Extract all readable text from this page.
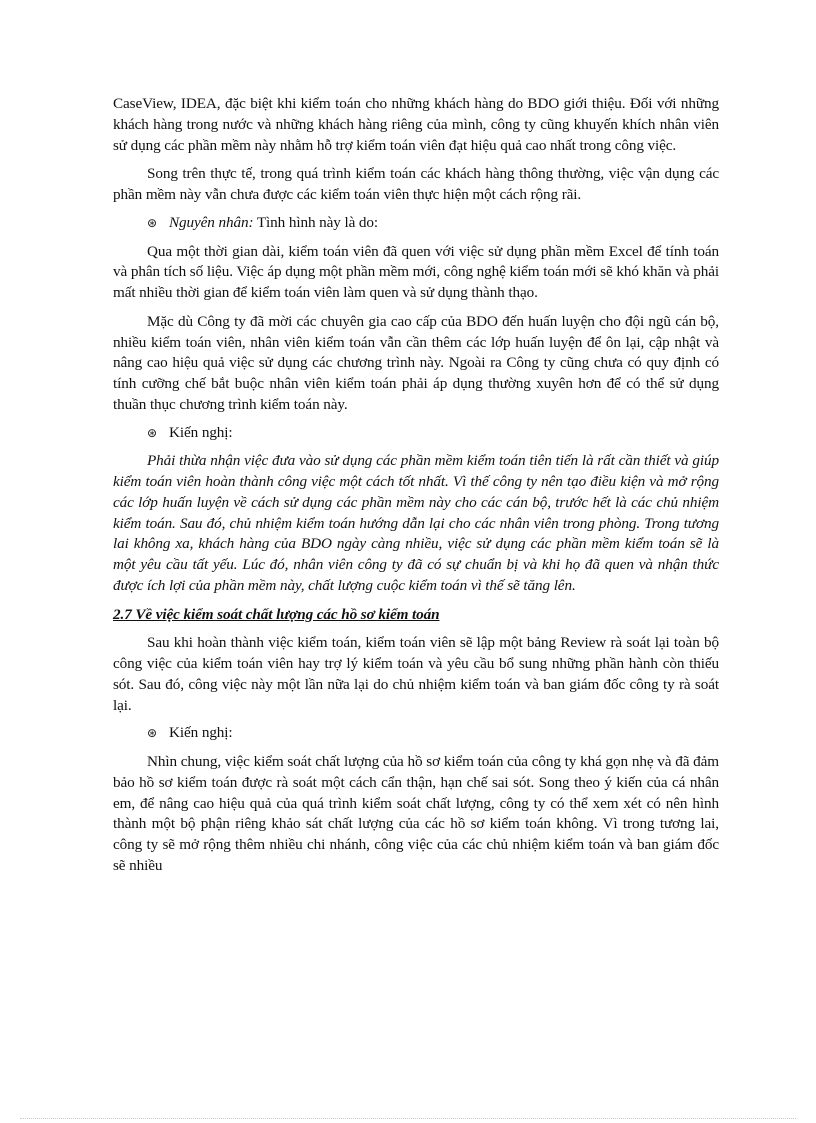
CaseView, IDEA, đặc biệt khi kiểm toán cho những khách hàng do BDO giới thiệu. Đối với những khách hàng trong nước và những khách hàng riêng của mình, công ty cũng khuyến khích nhân viên sử dụng các phần mềm này nhằm hỗ trợ kiểm toán viên đạt hiệu quả cao nhất trong công việc.

Song trên thực tế, trong quá trình kiểm toán các khách hàng thông thường, việc vận dụng các phần mềm này vẫn chưa được các kiểm toán viên thực hiện một cách rộng rãi.

⊛ Nguyên nhân: Tình hình này là do:

Qua một thời gian dài, kiểm toán viên đã quen với việc sử dụng phần mềm Excel để tính toán và phân tích số liệu. Việc áp dụng một phần mềm mới, công nghệ kiểm toán mới sẽ khó khăn và phải mất nhiều thời gian để kiểm toán viên làm quen và sử dụng thành thạo.

Mặc dù Công ty đã mời các chuyên gia cao cấp của BDO đến huấn luyện cho đội ngũ cán bộ, nhiều kiểm toán viên, nhân viên kiểm toán vẫn cần thêm các lớp huấn luyện để ôn lại, cập nhật và nâng cao hiệu quả việc sử dụng các chương trình này. Ngoài ra Công ty cũng chưa có quy định có tính cưỡng chế bắt buộc nhân viên kiểm toán phải áp dụng thường xuyên hơn để có thể sử dụng thuần thục chương trình kiểm toán này.

⊛ Kiến nghị:

Phải thừa nhận việc đưa vào sử dụng các phần mềm kiểm toán tiên tiến là rất cần thiết và giúp kiểm toán viên hoàn thành công việc một cách tốt nhất. Vì thế công ty nên tạo điều kiện và mở rộng các lớp huấn luyện về cách sử dụng các phần mềm này cho các cán bộ, trước hết là các chủ nhiệm kiểm toán. Sau đó, chủ nhiệm kiểm toán hướng dẫn lại cho các nhân viên trong phòng. Trong tương lai không xa, khách hàng của BDO ngày càng nhiều, việc sử dụng các phần mềm kiểm toán sẽ là một yêu cầu tất yếu. Lúc đó, nhân viên công ty đã có sự chuẩn bị và khi họ đã quen và nhận thức được ích lợi của phần mềm này, chất lượng cuộc kiểm toán vì thế sẽ tăng lên.

2.7 Về việc kiểm soát chất lượng các hồ sơ kiểm toán

Sau khi hoàn thành việc kiểm toán, kiểm toán viên sẽ lập một bảng Review rà soát lại toàn bộ công việc của kiểm toán viên hay trợ lý kiểm toán và yêu cầu bổ sung những phần hành còn thiếu sót. Sau đó, công việc này một lần nữa lại do chủ nhiệm kiểm toán và ban giám đốc công ty rà soát lại.

⊛ Kiến nghị:

Nhìn chung, việc kiểm soát chất lượng của hồ sơ kiểm toán của công ty khá gọn nhẹ và đã đảm bảo hồ sơ kiểm toán được rà soát một cách cẩn thận, hạn chế sai sót. Song theo ý kiến của cá nhân em, để nâng cao hiệu quả của quá trình kiểm soát chất lượng, công ty có thể xem xét có nên hình thành một bộ phận riêng khảo sát chất lượng của các hồ sơ kiểm toán không. Vì trong tương lai, công ty sẽ mở rộng thêm nhiều chi nhánh, công việc của các chủ nhiệm kiểm toán và ban giám đốc sẽ nhiều
